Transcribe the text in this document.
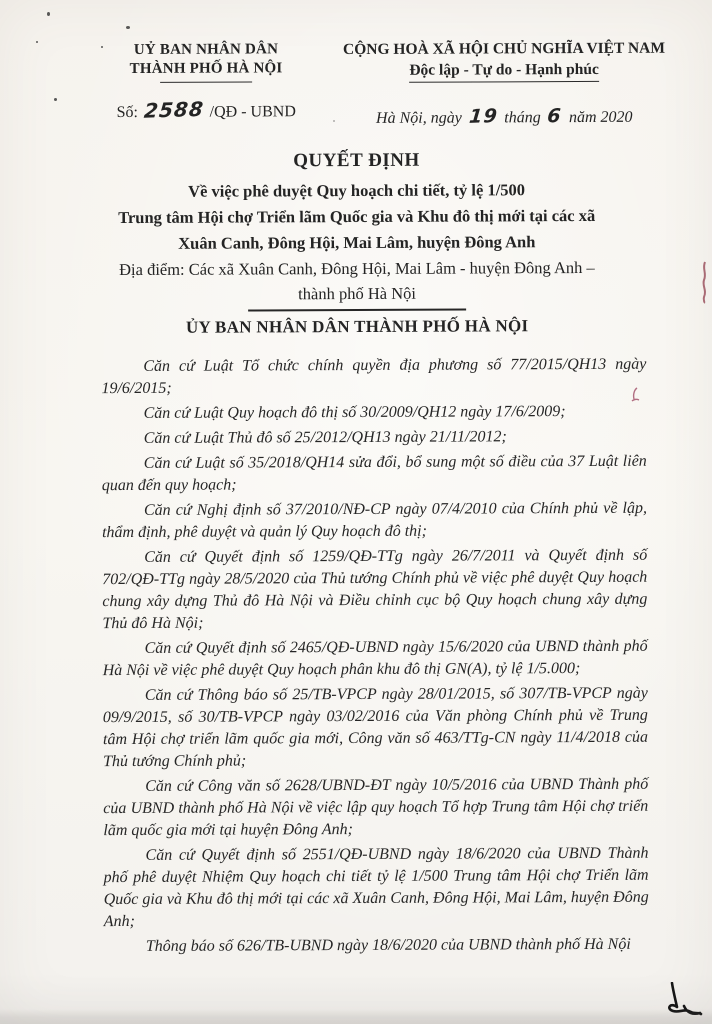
UỶ BAN NHÂN DÂN
THÀNH PHỐ HÀ NỘI
Số: 2588 /QĐ - UBND
CỘNG HOÀ XÃ HỘI CHỦ NGHĨA VIỆT NAM
Độc lập - Tự do - Hạnh phúc
Hà Nội, ngày 19 tháng 6 năm 2020
QUYẾT ĐỊNH
Về việc phê duyệt Quy hoạch chi tiết, tỷ lệ 1/500
Trung tâm Hội chợ Triển lãm Quốc gia và Khu đô thị mới tại các xã
Xuân Canh, Đông Hội, Mai Lâm, huyện Đông Anh
Địa điểm: Các xã Xuân Canh, Đông Hội, Mai Lâm - huyện Đông Anh –
thành phố Hà Nội
ỦY BAN NHÂN DÂN THÀNH PHỐ HÀ NỘI

Căn cứ Luật Tổ chức chính quyền địa phương số 77/2015/QH13 ngày 19/6/2015;

Căn cứ Luật Quy hoạch đô thị số 30/2009/QH12 ngày 17/6/2009;

Căn cứ Luật Thủ đô số 25/2012/QH13 ngày 21/11/2012;

Căn cứ Luật số 35/2018/QH14 sửa đổi, bổ sung một số điều của 37 Luật liên quan đến quy hoạch;

Căn cứ Nghị định số 37/2010/NĐ-CP ngày 07/4/2010 của Chính phủ về lập, thẩm định, phê duyệt và quản lý Quy hoạch đô thị;

Căn cứ Quyết định số 1259/QĐ-TTg ngày 26/7/2011 và Quyết định số 702/QĐ-TTg ngày 28/5/2020 của Thủ tướng Chính phủ về việc phê duyệt Quy hoạch chung xây dựng Thủ đô Hà Nội và Điều chỉnh cục bộ Quy hoạch chung xây dựng Thủ đô Hà Nội;

Căn cứ Quyết định số 2465/QĐ-UBND ngày 15/6/2020 của UBND thành phố Hà Nội về việc phê duyệt Quy hoạch phân khu đô thị GN(A), tỷ lệ 1/5.000;

Căn cứ Thông báo số 25/TB-VPCP ngày 28/01/2015, số 307/TB-VPCP ngày 09/9/2015, số 30/TB-VPCP ngày 03/02/2016 của Văn phòng Chính phủ về Trung tâm Hội chợ triển lãm quốc gia mới, Công văn số 463/TTg-CN ngày 11/4/2018 của Thủ tướng Chính phủ;

Căn cứ Công văn số 2628/UBND-ĐT ngày 10/5/2016 của UBND Thành phố của UBND thành phố Hà Nội về việc lập quy hoạch Tổ hợp Trung tâm Hội chợ triển lãm quốc gia mới tại huyện Đông Anh;

Căn cứ Quyết định số 2551/QĐ-UBND ngày 18/6/2020 của UBND Thành phố phê duyệt Nhiệm Quy hoạch chi tiết tỷ lệ 1/500 Trung tâm Hội chợ Triển lãm Quốc gia và Khu đô thị mới tại các xã Xuân Canh, Đông Hội, Mai Lâm, huyện Đông Anh;

Thông báo số 626/TB-UBND ngày 18/6/2020 của UBND thành phố Hà Nội
